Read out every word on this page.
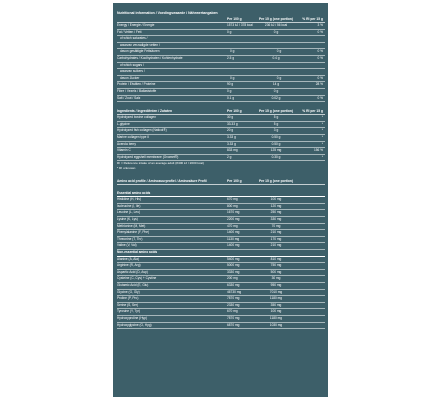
Nutritional information / Voedingswaarde / Nährwertangaben
Per 100 g	Per 15 g (one portion)	% RI per 15 g
Energy / Energie / Energie	1573 kJ / 378 kcal	236 kJ / 56 kcal	3 %
Fat / Vetten / Fett	0 g	0 g	0 %
of which saturates /
waarvan verzadigde vetten /
davon gesättigte Fettsäuren	0 g	0 g	0 %
Carbohydrates / Koolhydraten / Kohlenhydrate	2.5 g	0.4 g	0 %
of which sugars /
waarvan suikers /
davon Zucker	0 g	0 g	0 %
Protein / Eiwitten / Proteine	90 g	14 g	28 %
Fibre / Vezels / Ballaststoffe	0 g	0 g
Salt / Zout / Salz	0.1 g	0.02 g	0 %
Ingredients / Ingrediënten / Zutaten	Per 100 g	Per 15 g (one portion)	% RI per 15 g
Hydrolyzed bovine collagen	30 g	5 g	*
L-glycine	33.33 g	5 g	*
Hydrolyzed fish collagen (Naticol®)	20 g	3 g	*
Marine collagen type II	3.33 g	0.50 g	*
Acerola berry	3.33 g	0.50 g	*
Vitamin C	833 mg	125 mg	156 %
Hydrolyzed eggshell membrane (Ovomet®)	2 g	0.30 g	*
RI = Reference intake of an average adult (8400 kJ / 2000 kcal)
* RI unknown
Amino acid profile / Aminozuurprofiel / Aminosäure Profil	Per 100 g	Per 15 g (one portion)
Essential amino acids
Histidine (H, His)	670 mg	100 mg
Isoleucine (I, Ile)	800 mg	120 mg
Leucine (L, Leu)	1670 mg	250 mg
Lysine (K, Lys)	2200 mg	330 mg
Methionine (M, Met)	470 mg	70 mg
Phenylalanine (F, Phe)	1400 mg	210 mg
Threonine (T, Thr)	1130 mg	170 mg
Valine (V, Val)	1400 mg	210 mg
Non-essential amino acids
Alanine (A, Ala)	5400 mg	810 mg
Arginine (R, Arg)	5000 mg	750 mg
Aspartic Acid (D, Asp)	3330 mg	500 mg
Cysteine (C, Cys) + Cystine	200 mg	30 mg
Glutamic Acid (E, Glu)	6330 mg	950 mg
Glycine (G, Gly)	46730 mg	7010 mg
Proline (P, Pro)	7870 mg	1180 mg
Serine (S, Ser)	2330 mg	350 mg
Tyrosine (Y, Tyr)	670 mg	100 mg
Hydroxyproline (Hyp)	7870 mg	1180 mg
Hydroxyglycine (O, Hyg)	6870 mg	1030 mg
